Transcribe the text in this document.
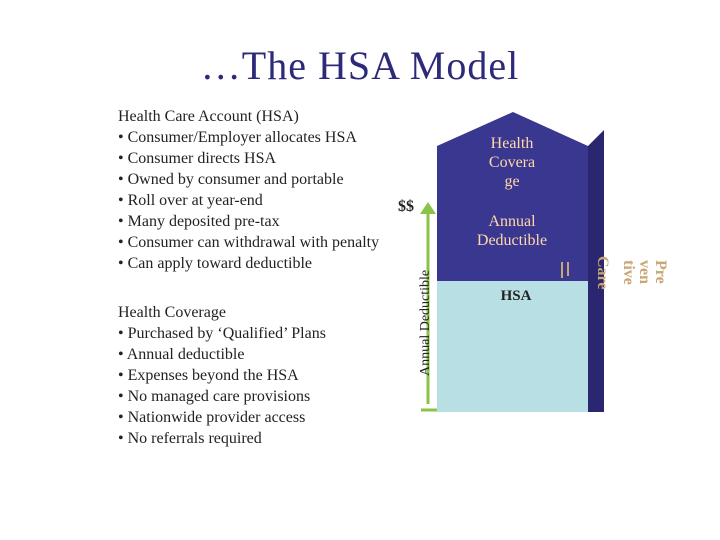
…The HSA Model
Health Care Account (HSA)
• Consumer/Employer allocates HSA
• Consumer directs HSA
• Owned by consumer and portable
• Roll over at year-end
• Many deposited pre-tax
• Consumer can withdrawal with penalty
• Can apply toward deductible
Health Coverage
• Purchased by ‘Qualified’ Plans
• Annual deductible
• Expenses beyond the HSA
• No managed care provisions
• Nationwide provider access
• No referrals required
$$
Health
Covera
ge
Annual
Deductible
HSA
Annual Deductible	Care	Pre
ven
tive
